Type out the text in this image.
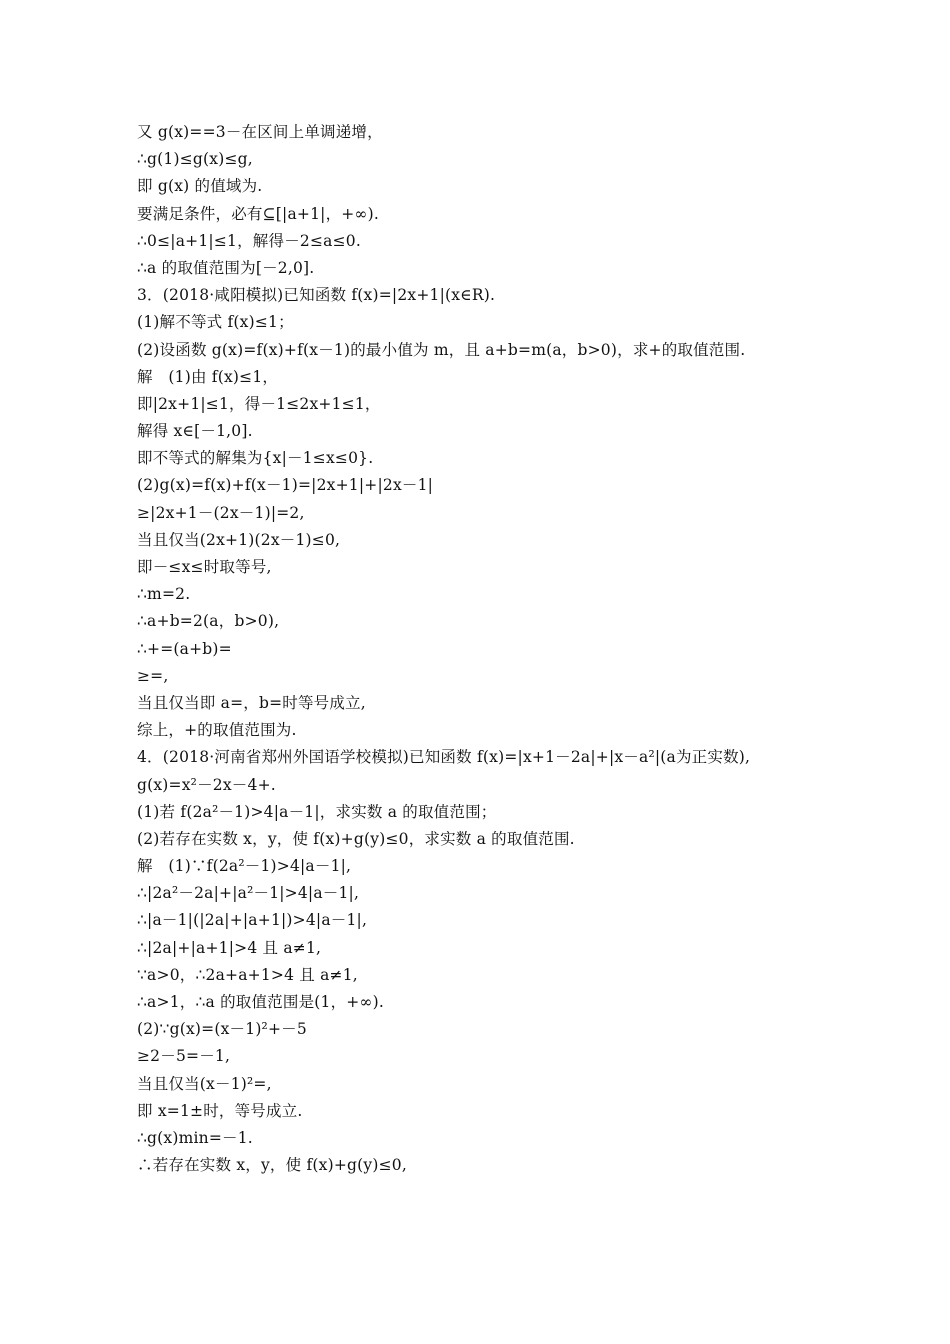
又 g(x)==3－在区间上单调递增，
∴g(1)≤g(x)≤g,
即 g(x) 的值域为.
要满足条件，必有⊆[|a+1|，+∞).
∴0≤|a+1|≤1，解得－2≤a≤0.
∴a 的取值范围为[－2,0].
3．(2018·咸阳模拟)已知函数 f(x)=|2x+1|(x∈R).
(1)解不等式 f(x)≤1；
(2)设函数 g(x)=f(x)+f(x－1)的最小值为 m，且 a+b=m(a，b>0)，求+的取值范围.
解　(1)由 f(x)≤1，
即|2x+1|≤1，得－1≤2x+1≤1，
解得 x∈[－1,0].
即不等式的解集为{x|－1≤x≤0}.
(2)g(x)=f(x)+f(x－1)=|2x+1|+|2x－1|
≥|2x+1－(2x－1)|=2,
当且仅当(2x+1)(2x－1)≤0,
即－≤x≤时取等号,
∴m=2.
∴a+b=2(a，b>0),
∴+=(a+b)=
≥=,
当且仅当即 a=，b=时等号成立,
综上，+的取值范围为.
4．(2018·河南省郑州外国语学校模拟)已知函数 f(x)=|x+1－2a|+|x－a²|(a为正实数),
g(x)=x²－2x－4+.
(1)若 f(2a²－1)>4|a－1|，求实数 a 的取值范围；
(2)若存在实数 x，y，使 f(x)+g(y)≤0，求实数 a 的取值范围.
解　(1)∵f(2a²－1)>4|a－1|,
∴|2a²－2a|+|a²－1|>4|a－1|,
∴|a－1|(|2a|+|a+1|)>4|a－1|,
∴|2a|+|a+1|>4 且 a≠1,
∵a>0，∴2a+a+1>4 且 a≠1,
∴a>1，∴a 的取值范围是(1，+∞).
(2)∵g(x)=(x－1)²+－5
≥2－5=－1,
当且仅当(x－1)²=,
即 x=1±时，等号成立.
∴g(x)min=－1.
∴若存在实数 x，y，使 f(x)+g(y)≤0,
